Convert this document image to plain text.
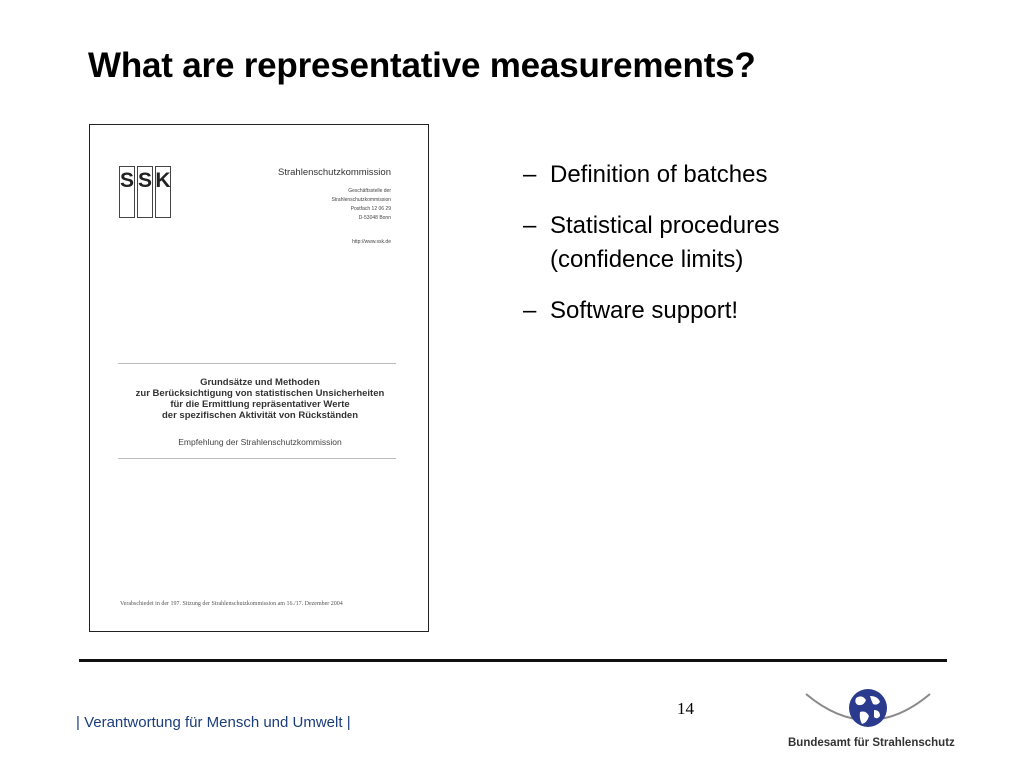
What are representative measurements?
S S K	Strahlenschutzkommission
Geschäftsstelle der
Strahlenschutzkommission
Postfach 12 06 29
D-53048 Bonn
http://www.ssk.de
Grundsätze und Methoden
zur Berücksichtigung von statistischen Unsicherheiten
für die Ermittlung repräsentativer Werte
der spezifischen Aktivität von Rückständen
Empfehlung der Strahlenschutzkommission
Verabschiedet in der 197. Sitzung der Strahlenschutzkommission am 16./17. Dezember 2004
– Definition of batches
– Statistical procedures
(confidence limits)
– Software support!
14
| Verantwortung für Mensch und Umwelt |
Bundesamt für Strahlenschutz
